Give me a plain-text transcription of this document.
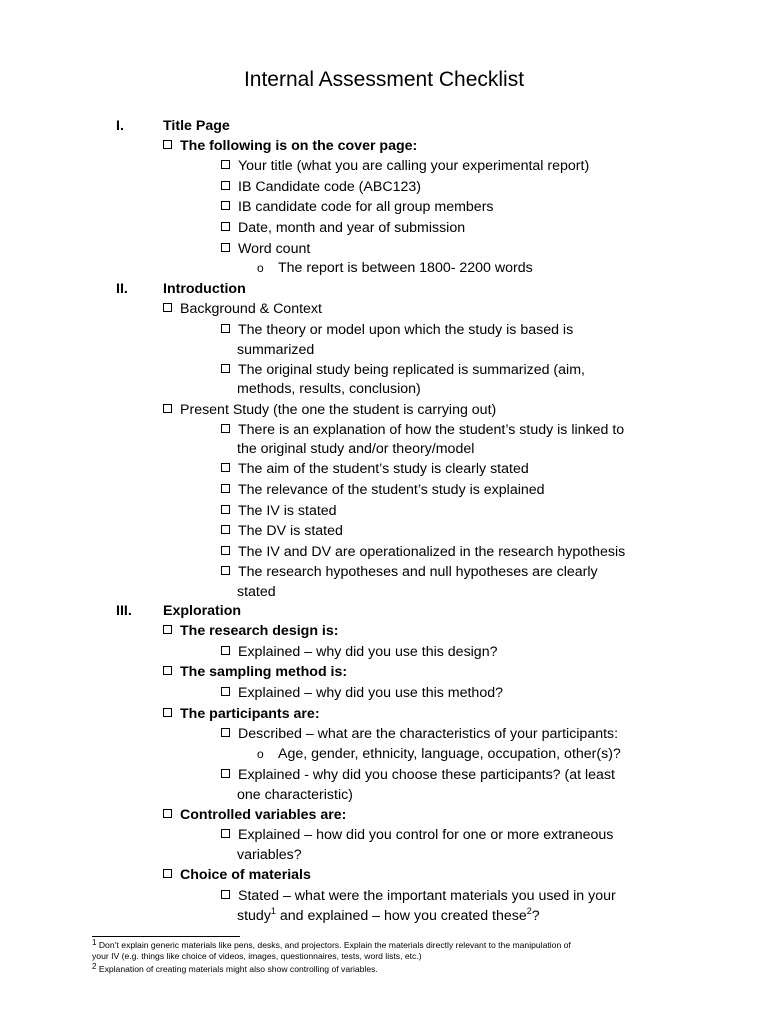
Internal Assessment Checklist
I.	Title Page
The following is on the cover page:
Your title (what you are calling your experimental report)
IB Candidate code (ABC123)
IB candidate code for all group members
Date, month and year of submission
Word count
o The report is between 1800- 2200 words
II. Introduction
Background & Context
The theory or model upon which the study is based is
summarized
The original study being replicated is summarized (aim,
methods, results, conclusion)
Present Study (the one the student is carrying out)
There is an explanation of how the student’s study is linked to
the original study and/or theory/model
The aim of the student’s study is clearly stated
The relevance of the student’s study is explained
The IV is stated
The DV is stated
The IV and DV are operationalized in the research hypothesis
The research hypotheses and null hypotheses are clearly
stated
III. Exploration
The research design is:
Explained – why did you use this design?
The sampling method is:
Explained – why did you use this method?
The participants are:
Described – what are the characteristics of your participants:
o Age, gender, ethnicity, language, occupation, other(s)?
Explained - why did you choose these participants? (at least
one characteristic)
Controlled variables are:
Explained – how did you control for one or more extraneous
variables?
Choice of materials
Stated – what were the important materials you used in your
study$^1$ and explained – how you created these$^2$?
$^1$ Don’t explain generic materials like pens, desks, and projectors. Explain the materials directly relevant to the manipulation of
your IV (e.g. things like choice of videos, images, questionnaires, tests, word lists, etc.)
$^2$ Explanation of creating materials might also show controlling of variables.
